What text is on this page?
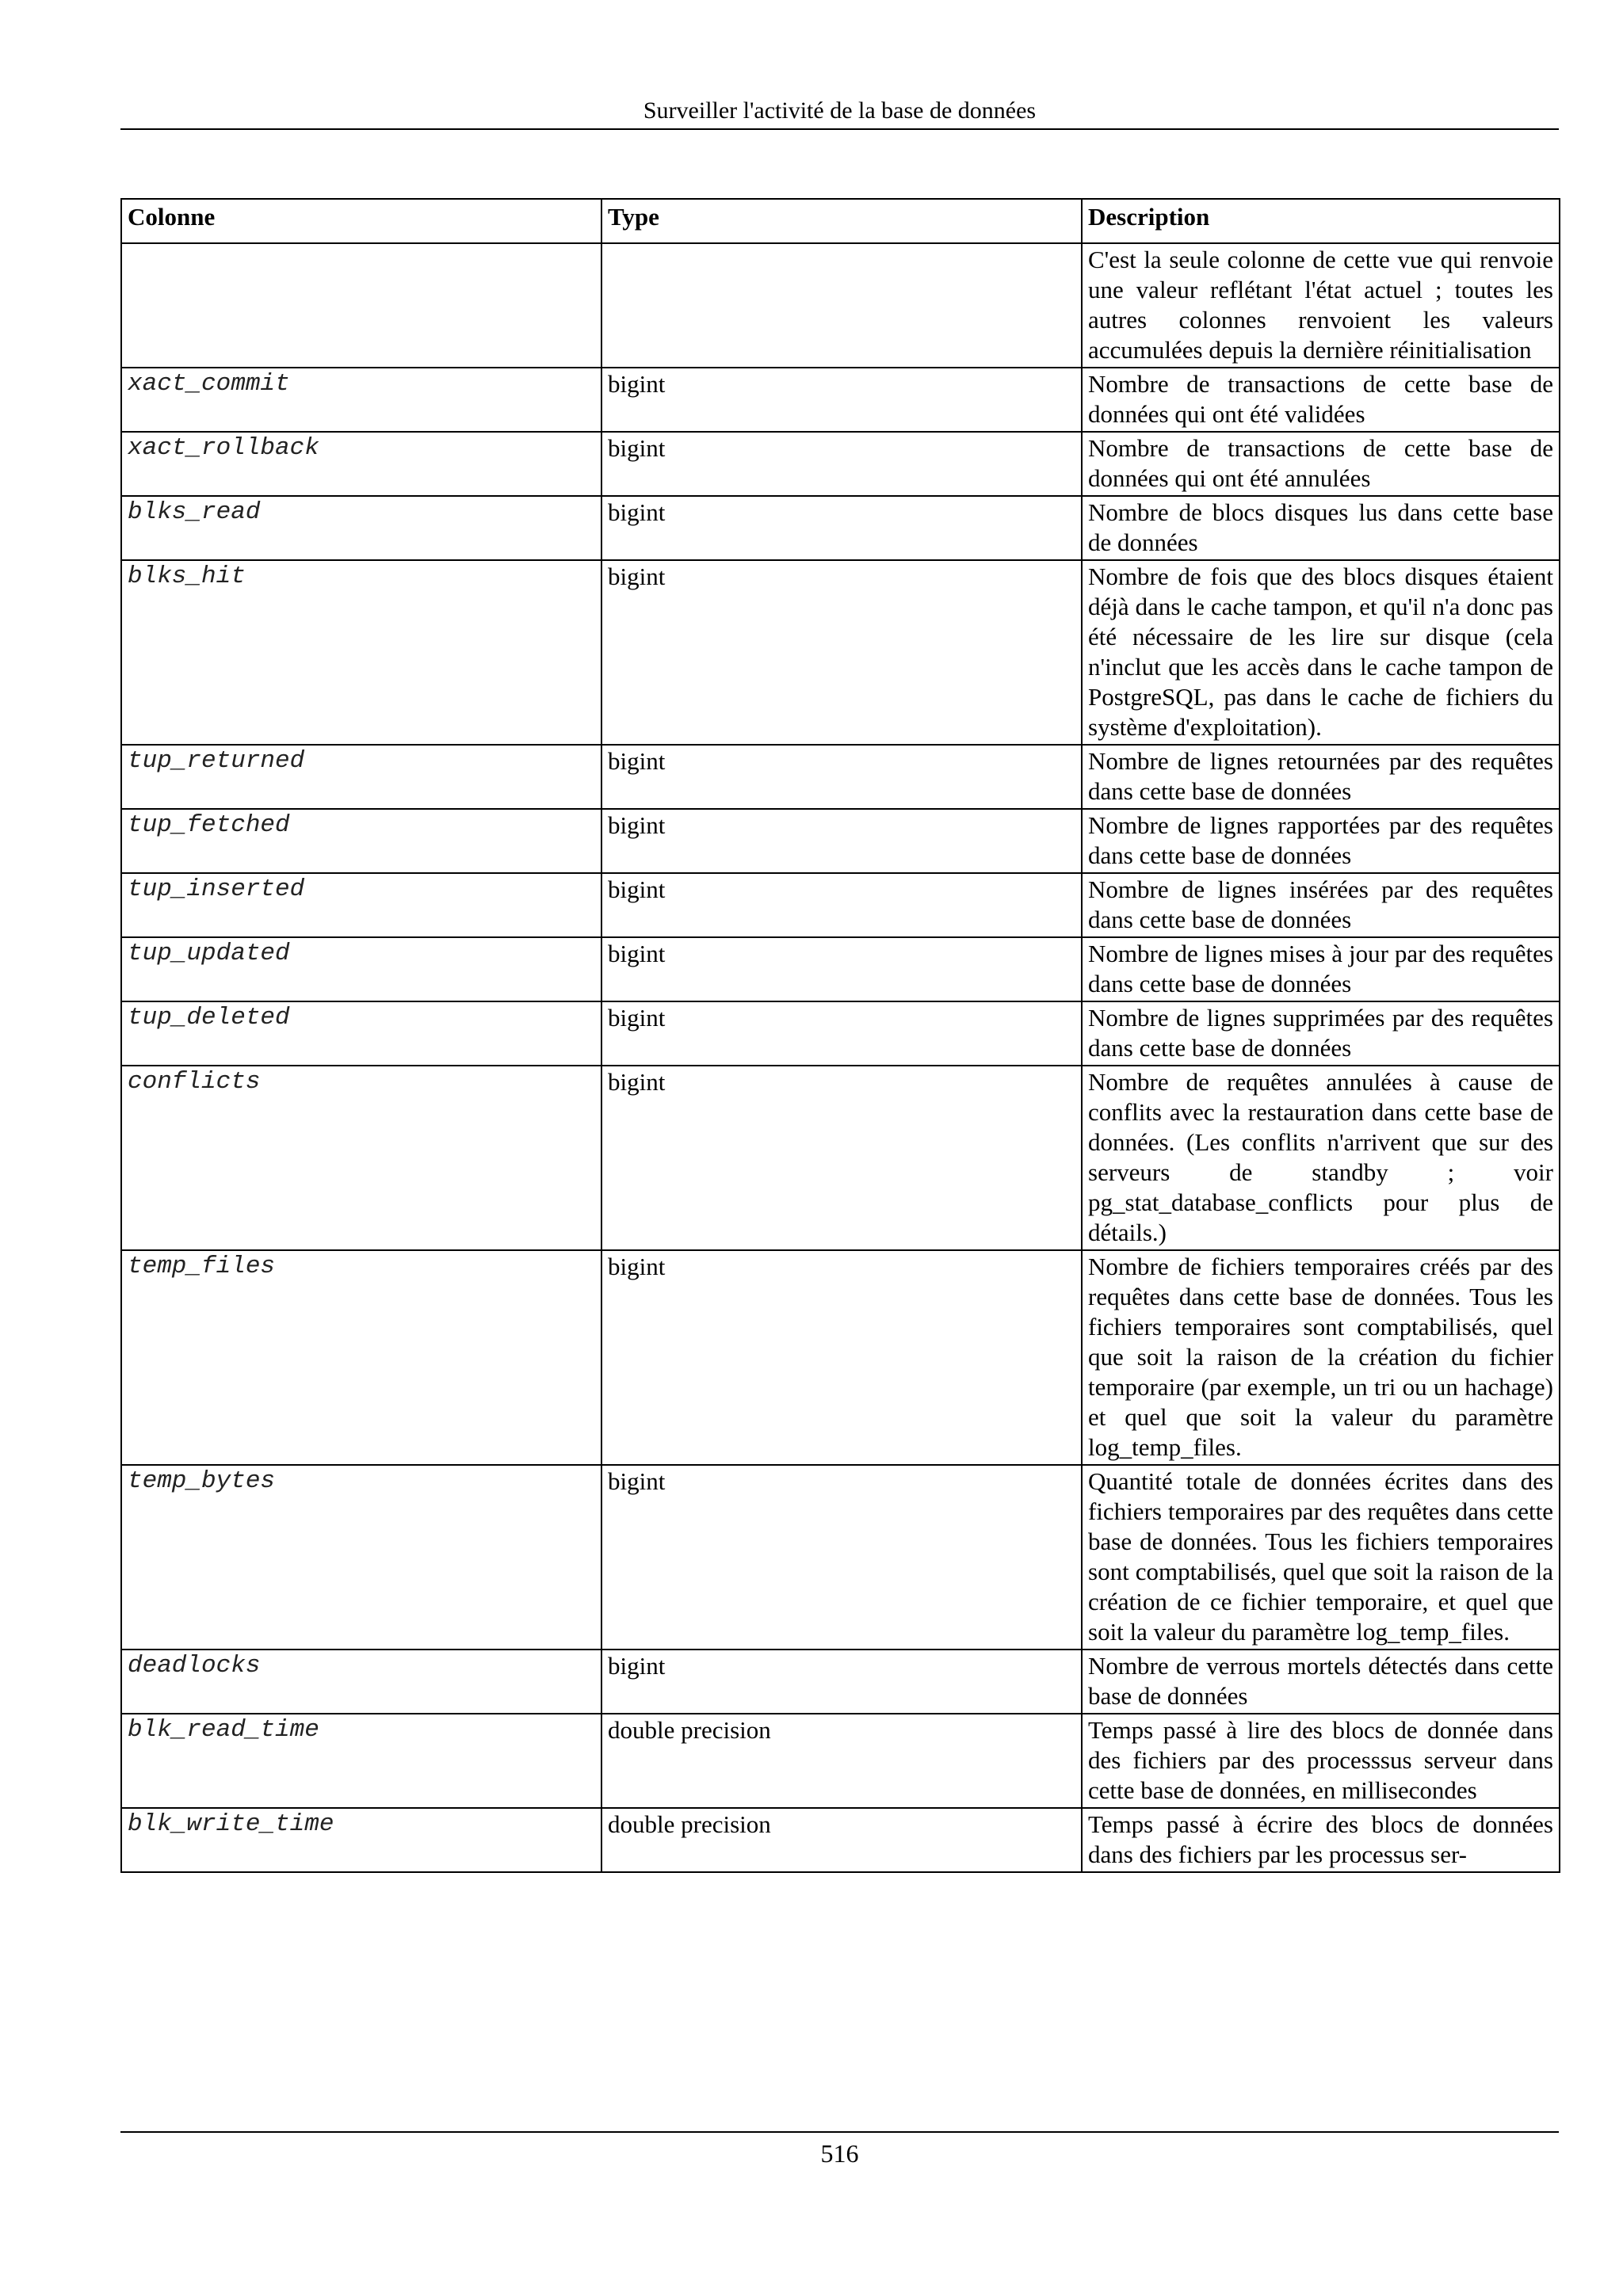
Surveiller l'activité de la base de données
Colonne	Type	Description
		C'est la seule colonne de cette vue qui renvoie une valeur reflétant l'état actuel ; toutes les autres colonnes renvoient les valeurs accumulées depuis la dernière réinitialisation
xact_commit	bigint	Nombre de transactions de cette base de données qui ont été validées
xact_rollback	bigint	Nombre de transactions de cette base de données qui ont été annulées
blks_read	bigint	Nombre de blocs disques lus dans cette base de données
blks_hit	bigint	Nombre de fois que des blocs disques étaient déjà dans le cache tampon, et qu'il n'a donc pas été nécessaire de les lire sur disque (cela n'inclut que les accès dans le cache tampon de PostgreSQL, pas dans le cache de fichiers du système d'exploitation).
tup_returned	bigint	Nombre de lignes retournées par des requêtes dans cette base de données
tup_fetched	bigint	Nombre de lignes rapportées par des requêtes dans cette base de données
tup_inserted	bigint	Nombre de lignes insérées par des requêtes dans cette base de données
tup_updated	bigint	Nombre de lignes mises à jour par des requêtes dans cette base de données
tup_deleted	bigint	Nombre de lignes supprimées par des requêtes dans cette base de données
conflicts	bigint	Nombre de requêtes annulées à cause de conflits avec la restauration dans cette base de données. (Les conflits n'arrivent que sur des serveurs de standby ; voir pg_stat_database_conflicts pour plus de détails.)
temp_files	bigint	Nombre de fichiers temporaires créés par des requêtes dans cette base de données. Tous les fichiers temporaires sont comptabilisés, quel que soit la raison de la création du fichier temporaire (par exemple, un tri ou un hachage) et quel que soit la valeur du paramètre log_temp_files.
temp_bytes	bigint	Quantité totale de données écrites dans des fichiers temporaires par des requêtes dans cette base de données. Tous les fichiers temporaires sont comptabilisés, quel que soit la raison de la création de ce fichier temporaire, et quel que soit la valeur du paramètre log_temp_files.
deadlocks	bigint	Nombre de verrous mortels détectés dans cette base de données
blk_read_time	double precision	Temps passé à lire des blocs de donnée dans des fichiers par des processsus serveur dans cette base de données, en millisecondes
blk_write_time	double precision	Temps passé à écrire des blocs de données dans des fichiers par les processus ser-
516
